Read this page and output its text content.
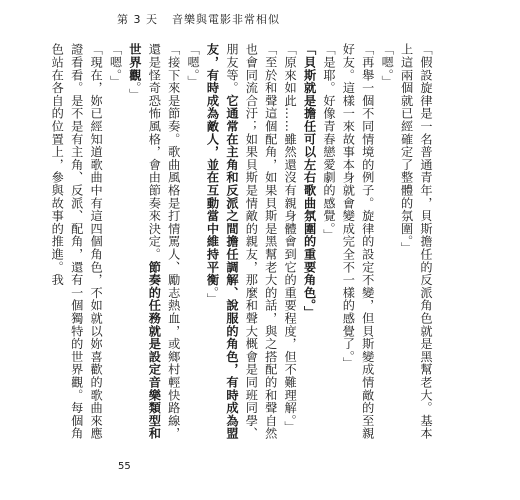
第 3 天 音樂與電影非常相似

「假設旋律是一名普通青年，貝斯擔任的反派角色就是黑幫老大。基本上這兩個就已經確定了整體的氛圍。」

「嗯。」

「再舉一個不同情境的例子。旋律的設定不變，但貝斯變成情敵的至親好友。這樣一來故事本身就會變成完全不一樣的感覺了。」

「是耶。好像青春戀愛劇的感覺。」

「貝斯就是擔任可以左右歌曲氛圍的重要角色。」

「原來如此……雖然還沒有親身體會到它的重要程度，但不難理解。」

「至於和聲這個配角，如果貝斯是黑幫老大的話，與之搭配的和聲自然也會同流合汙；如果貝斯是情敵的親友，那麼和聲大概會是同班同學、朋友等。它通常在主角和反派之間擔任調解、說服的角色，有時成為盟友，有時成為敵人，並在互動當中維持平衡。」

「嗯。」

「接下來是節奏。歌曲風格是打情罵人、勵志熱血，或鄉村輕快路線，還是怪奇恐怖風格，會由節奏來決定。節奏的任務就是設定音樂類型和世界觀。」

「嗯。」

「現在，妳已經知道歌曲中有這四個角色，不如就以妳喜歡的歌曲來應證看看。是不是有主角、反派、配角，還有一個獨特的世界觀。每個角色站在各自的位置上，參與故事的推進。我

55
